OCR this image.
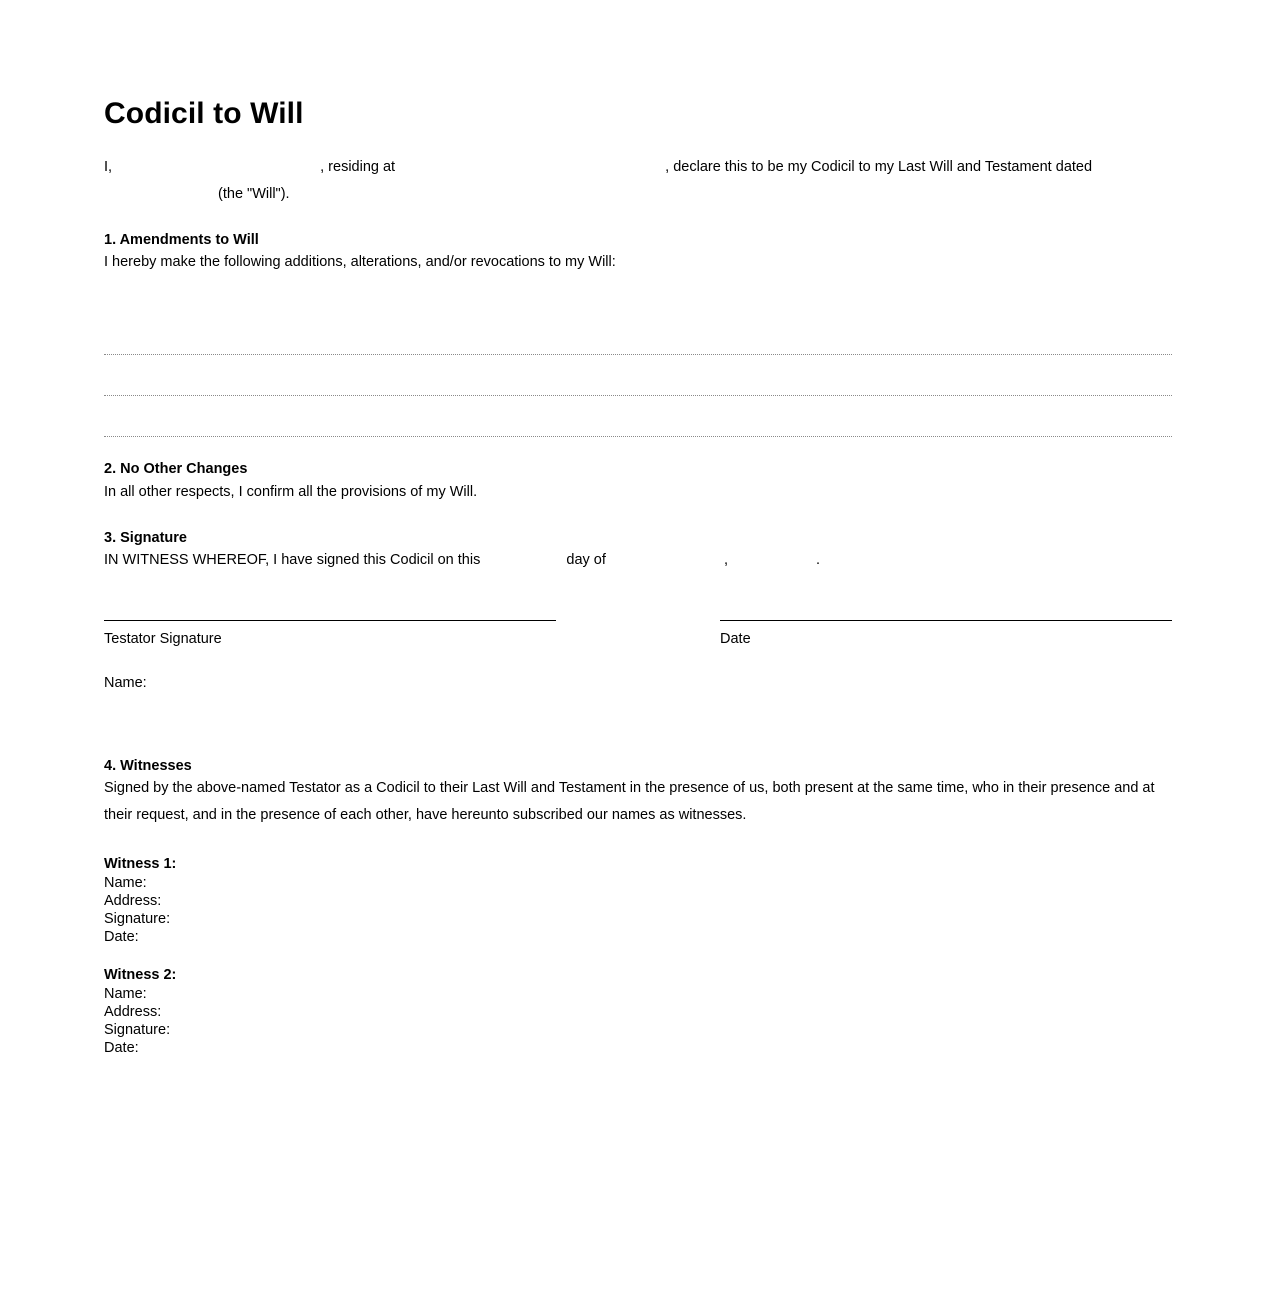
Codicil to Will

I,	, residing at	, declare this to be my Codicil to my Last Will and Testament dated  (the "Will").

1. Amendments to Will

I hereby make the following additions, alterations, and/or revocations to my Will:

2. No Other Changes

In all other respects, I confirm all the provisions of my Will.

3. Signature

IN WITNESS WHEREOF, I have signed this Codicil on this	day of	,	.

Testator Signature	Date
Name:
4. Witnesses

Signed by the above-named Testator as a Codicil to their Last Will and Testament in the presence of us, both present at the same time, who in their presence and at their request, and in the presence of each other, have hereunto subscribed our names as witnesses.

Witness 1:
Name:
Address:
Signature:
Date:
Witness 2:
Name:
Address:
Signature:
Date:
